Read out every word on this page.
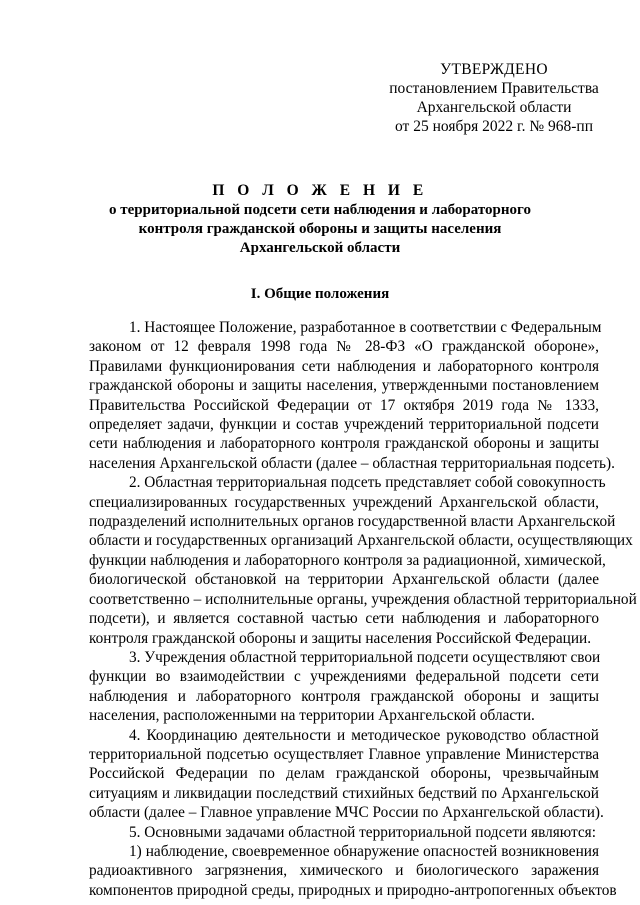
УТВЕРЖДЕНО
постановлением Правительства
Архангельской области
от 25 ноября 2022 г. № 968-пп
П О Л О Ж Е Н И Е
о территориальной подсети сети наблюдения и лабораторного
контроля гражданской обороны и защиты населения
Архангельской области
I. Общие положения

1. Настоящее Положение, разработанное в соответствии с Федеральным
законом от 12 февраля 1998 года № 28-ФЗ «О гражданской обороне»,
Правилами функционирования сети наблюдения и лабораторного контроля
гражданской обороны и защиты населения, утвержденными постановлением
Правительства Российской Федерации от 17 октября 2019 года № 1333,
определяет задачи, функции и состав учреждений территориальной подсети
сети наблюдения и лабораторного контроля гражданской обороны и защиты
населения Архангельской области (далее – областная территориальная подсеть).

2. Областная территориальная подсеть представляет собой совокупность
специализированных государственных учреждений Архангельской области,
подразделений исполнительных органов государственной власти Архангельской
области и государственных организаций Архангельской области, осуществляющих
функции наблюдения и лабораторного контроля за радиационной, химической,
биологической обстановкой на территории Архангельской области (далее
соответственно – исполнительные органы, учреждения областной территориальной
подсети), и является составной частью сети наблюдения и лабораторного
контроля гражданской обороны и защиты населения Российской Федерации.

3. Учреждения областной территориальной подсети осуществляют свои
функции во взаимодействии с учреждениями федеральной подсети сети
наблюдения и лабораторного контроля гражданской обороны и защиты
населения, расположенными на территории Архангельской области.

4. Координацию деятельности и методическое руководство областной
территориальной подсетью осуществляет Главное управление Министерства
Российской Федерации по делам гражданской обороны, чрезвычайным
ситуациям и ликвидации последствий стихийных бедствий по Архангельской
области (далее – Главное управление МЧС России по Архангельской области).

5. Основными задачами областной территориальной подсети являются:

1) наблюдение, своевременное обнаружение опасностей возникновения
радиоактивного загрязнения, химического и биологического заражения
компонентов природной среды, природных и природно-антропогенных объектов
